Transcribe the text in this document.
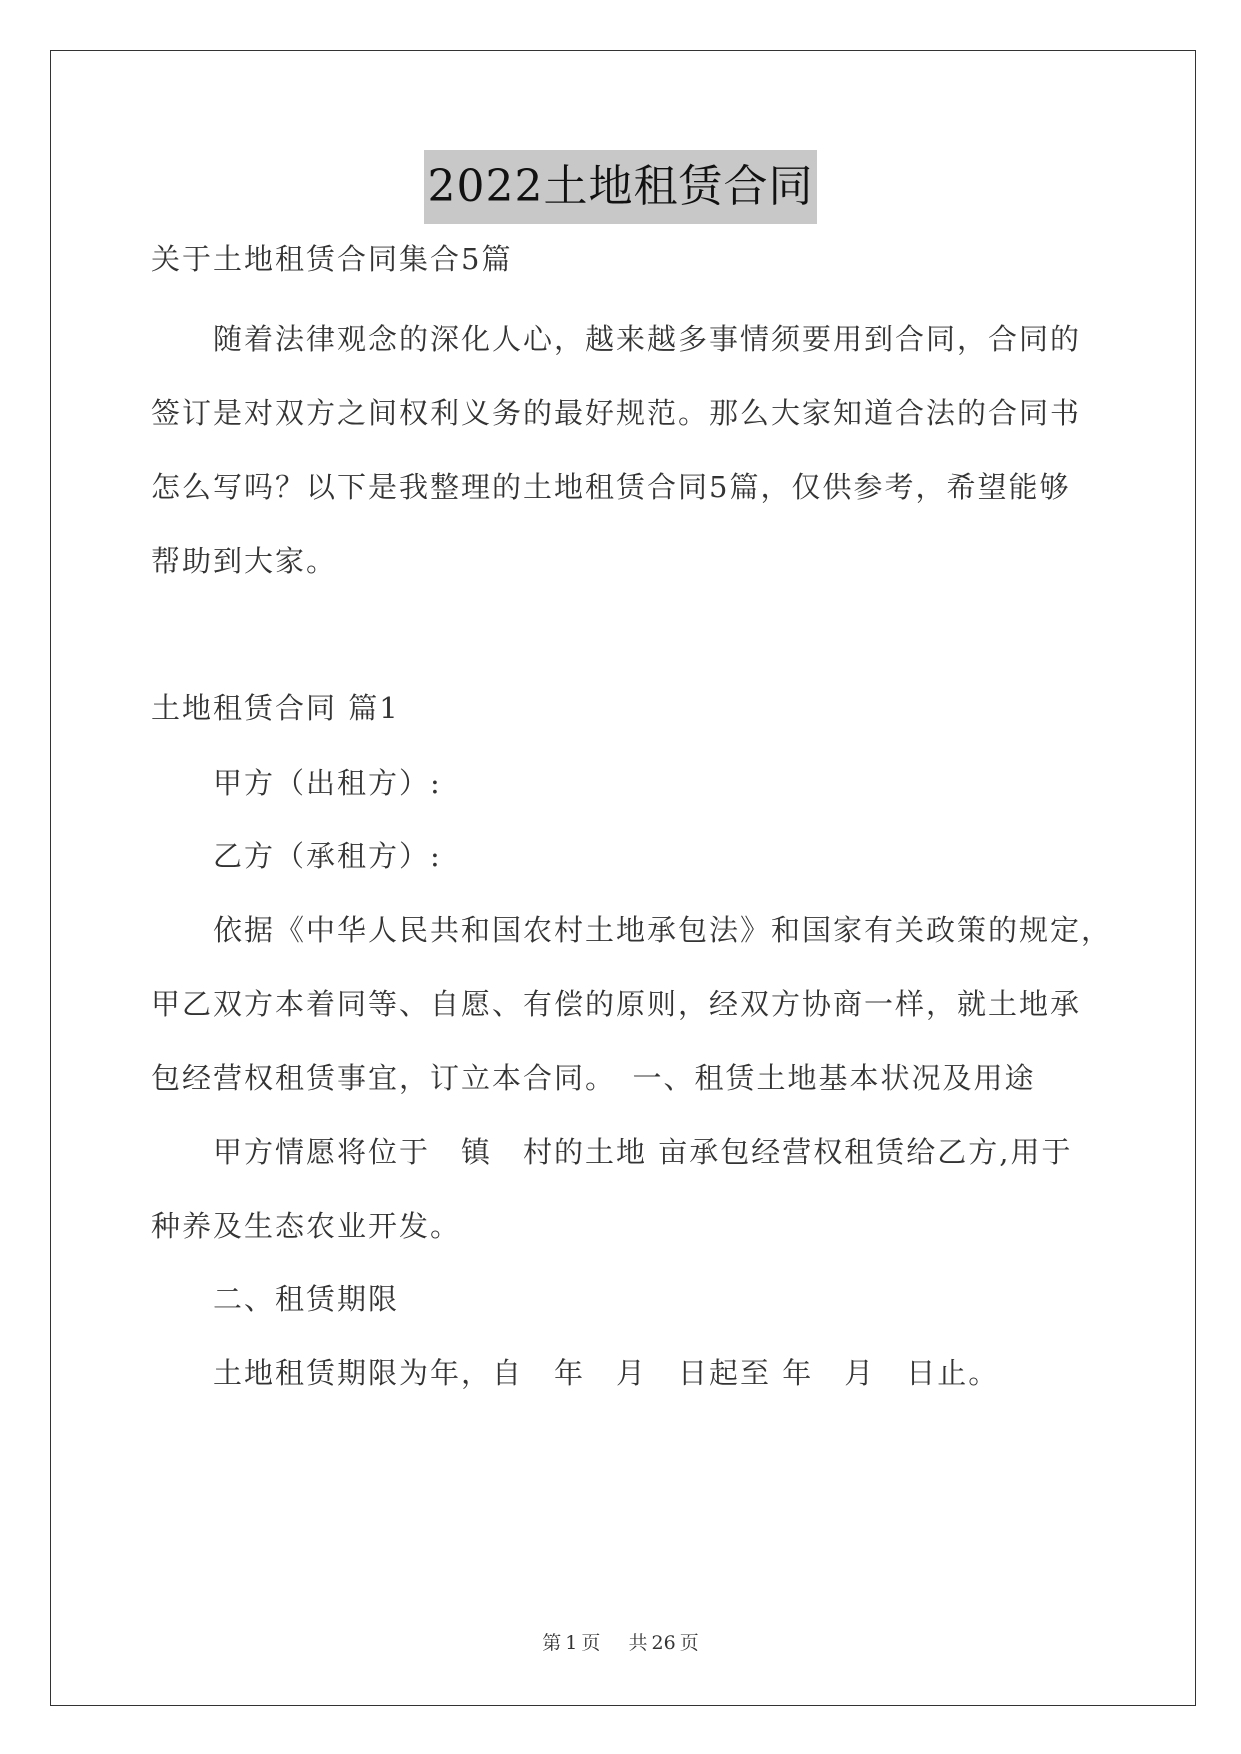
2022土地租赁合同
关于土地租赁合同集合5篇
随着法律观念的深化人心，越来越多事情须要用到合同，合同的
签订是对双方之间权利义务的最好规范。那么大家知道合法的合同书
怎么写吗？以下是我整理的土地租赁合同5篇，仅供参考，希望能够
帮助到大家。
土地租赁合同 篇1
甲方（出租方）:
乙方（承租方）:
依据《中华人民共和国农村土地承包法》和国家有关政策的规定，
甲乙双方本着同等、自愿、有偿的原则，经双方协商一样，就土地承
包经营权租赁事宜，订立本合同。　一、租赁土地基本状况及用途
甲方情愿将位于　镇　村的土地 亩承包经营权租赁给乙方,用于
种养及生态农业开发。
二、租赁期限
土地租赁期限为年，自　年　月　日起至 年　月　日止。
第 1 页 共 26 页
